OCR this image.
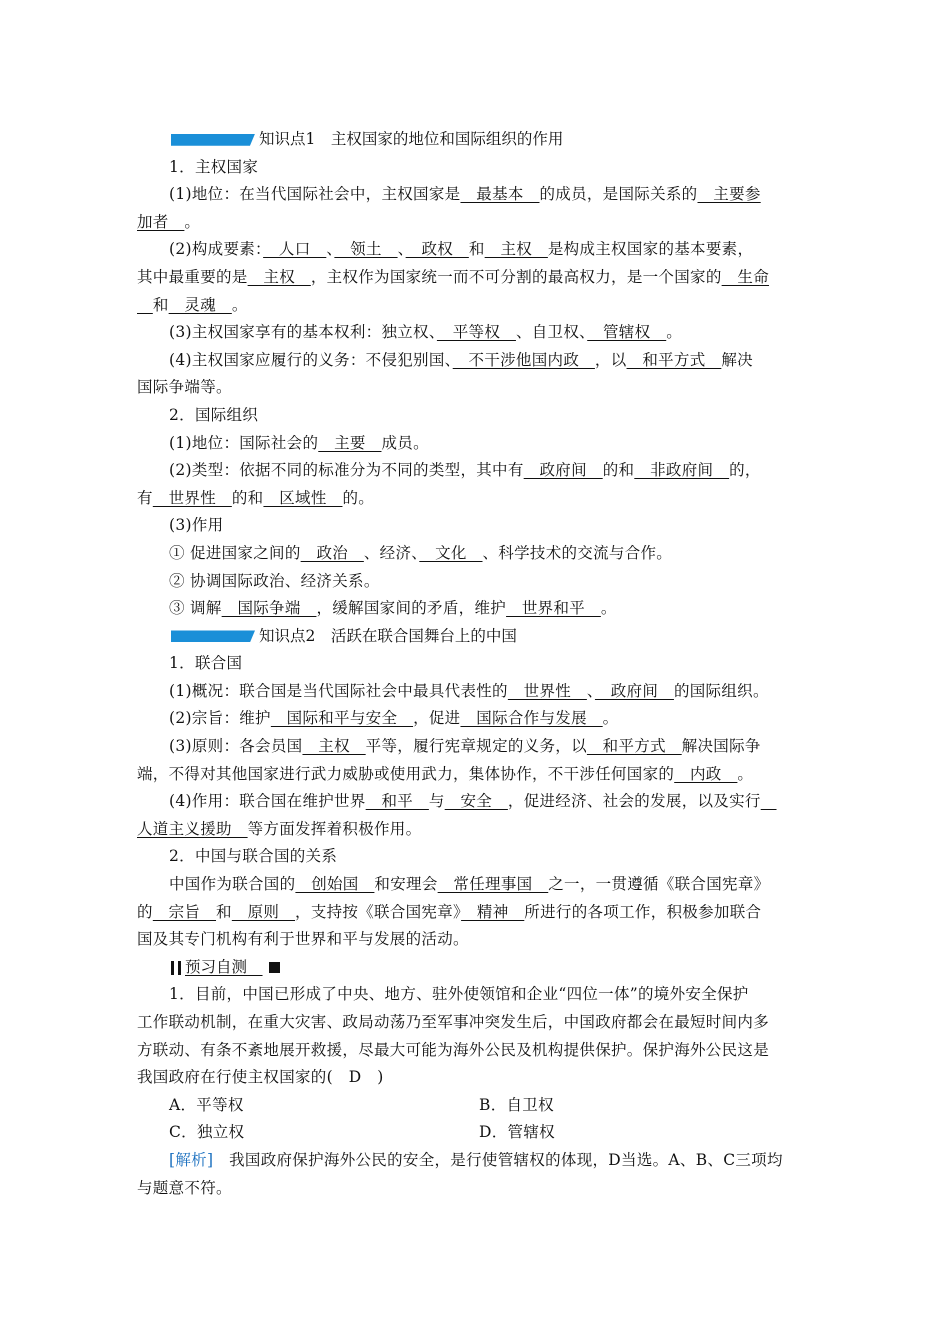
知识点1　主权国家的地位和国际组织的作用
1．主权国家
(1)地位：在当代国际社会中，主权国家是　最基本　的成员，是国际关系的　主要参
加者　。
(2)构成要素：　人口　、　领土　、　政权　和　主权　是构成主权国家的基本要素，
其中最重要的是　主权　，主权作为国家统一而不可分割的最高权力，是一个国家的　生命
　和　灵魂　。
(3)主权国家享有的基本权利：独立权、　平等权　、自卫权、　管辖权　。
(4)主权国家应履行的义务：不侵犯别国、　不干涉他国内政　，以　和平方式　解决
国际争端等。
2．国际组织
(1)地位：国际社会的　主要　成员。
(2)类型：依据不同的标准分为不同的类型，其中有　政府间　的和　非政府间　的，
有　世界性　的和　区域性　的。
(3)作用
① 促进国家之间的　政治　、经济、　文化　、科学技术的交流与合作。
② 协调国际政治、经济关系。
③ 调解　国际争端　，缓解国家间的矛盾，维护　世界和平　。
知识点2　活跃在联合国舞台上的中国
1．联合国
(1)概况：联合国是当代国际社会中最具代表性的　世界性　、　政府间　的国际组织。
(2)宗旨：维护　国际和平与安全　，促进　国际合作与发展　。
(3)原则：各会员国　主权　平等，履行宪章规定的义务，以　和平方式　解决国际争
端，不得对其他国家进行武力威胁或使用武力，集体协作，不干涉任何国家的　内政　。
(4)作用：联合国在维护世界　和平　与　安全　，促进经济、社会的发展，以及实行　
人道主义援助　等方面发挥着积极作用。
2．中国与联合国的关系
中国作为联合国的　创始国　和安理会　常任理事国　之一，一贯遵循《联合国宪章》
的　宗旨　和　原则　，支持按《联合国宪章》　精神　所进行的各项工作，积极参加联合
国及其专门机构有利于世界和平与发展的活动。
预习自测

1．目前，中国已形成了中央、地方、驻外使领馆和企业“四位一体”的境外安全保护
工作联动机制，在重大灾害、政局动荡乃至军事冲突发生后，中国政府都会在最短时间内多
方联动、有条不紊地展开救援，尽最大可能为海外公民及机构提供保护。保护海外公民这是
我国政府在行使主权国家的(　D　)
A．平等权	B．自卫权
C．独立权	D．管辖权
[解析]　我国政府保护海外公民的安全，是行使管辖权的体现，D当选。A、B、C三项均
与题意不符。
